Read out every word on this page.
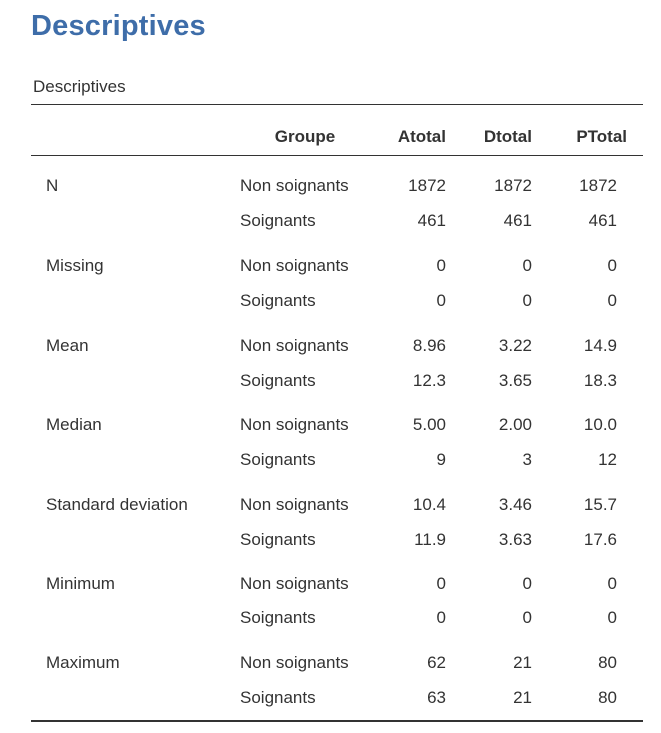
Descriptives
Descriptives
Groupe	Atotal Dtotal	PTotal
N	Non soignants	1872	1872	1872
Soignants	461	461	461
Missing	Non soignants	0	0	0
Soignants	0	0	0
Mean	Non soignants	8.96	3.22	14.9
Soignants	12.3	3.65	18.3
Median	Non soignants	5.00	2.00	10.0
Soignants	9	3	12
Standard deviation	Non soignants	10.4	3.46	15.7
Soignants	11.9	3.63	17.6
Minimum	Non soignants	0	0	0
Soignants	0	0	0
Maximum	Non soignants	62	21	80
Soignants	63	21	80
